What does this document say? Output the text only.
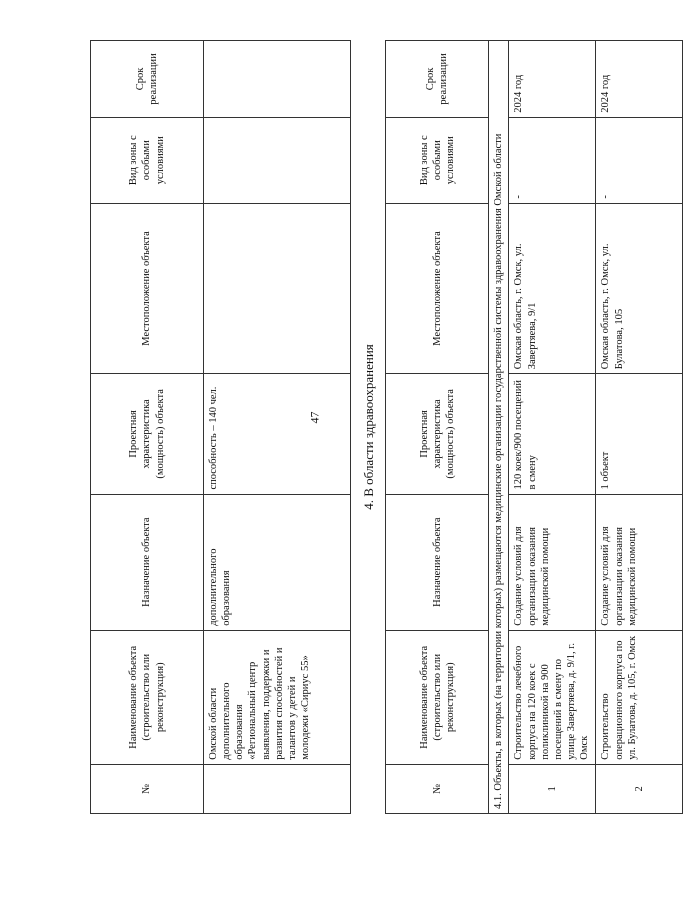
47
№	Наименование объекта (строительство или реконструкция)	Назначение объекта	Проектная характеристика (мощность) объекта	Местоположение объекта	Вид зоны с особыми условиями	Срок реализации
	Омской области дополнительного образования «Региональный центр выявления, поддержки и развития способностей и талантов у детей и молодежи «Сириус 55»	дополнительного образования	способность – 140 чел.				4. В области здравоохранения
№	Наименование объекта (строительство или реконструкция)	Назначение объекта	Проектная характеристика (мощность) объекта	Местоположение объекта	Вид зоны с особыми условиями	Срок реализации
4.1. Объекты, в которых (на территории которых) размещаются медицинские организации государственной системы здравоохранения Омской области						
1	Строительство лечебного корпуса на 120 коек с поликлиникой на 900 посещений в смену по улице Завертяева, д. 9/1, г. Омск	Создание условий для организации оказания медицинской помощи	120 коек/900 посещений в смену	Омская область, г. Омск, ул. Завертяева, 9/1	-	2024 год
2	Строительство операционного корпуса по ул. Булатова, д. 105, г. Омск	Создание условий для организации оказания медицинской помощи	1 объект	Омская область, г. Омск, ул. Булатова, 105	-	2024 год
